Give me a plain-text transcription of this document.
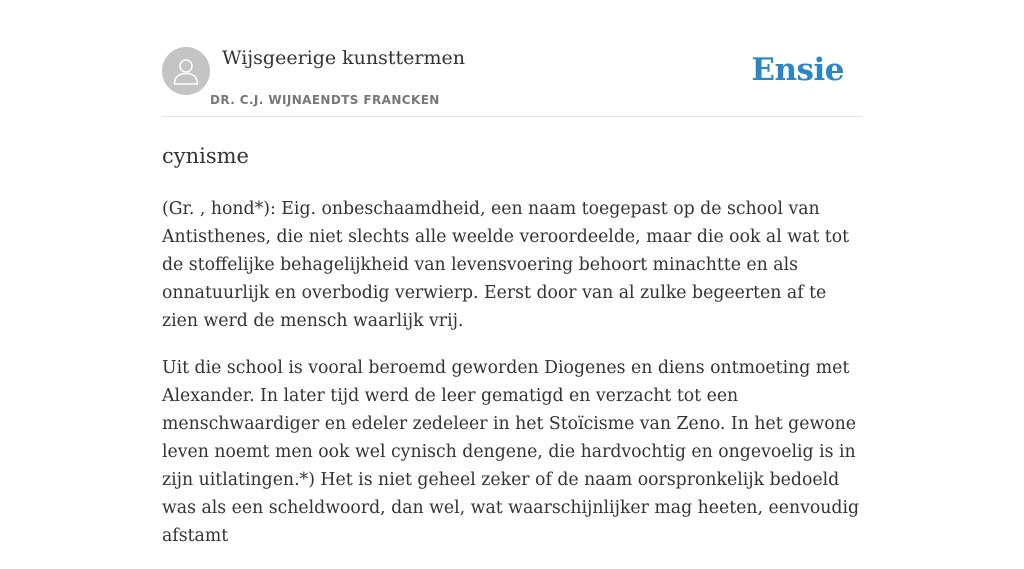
Wijsgeerige kunsttermen
DR. C.J. WIJNAENDTS FRANCKEN
Ensie
cynisme

(Gr. , hond*): Eig. onbeschaamdheid, een naam toegepast op de school van Antisthenes, die niet slechts alle weelde veroordeelde, maar die ook al wat tot de stoffelijke behagelijkheid van levensvoering behoort minachtte en als onnatuurlijk en overbodig verwierp. Eerst door van al zulke begeerten af te zien werd de mensch waarlijk vrij.

Uit die school is vooral beroemd geworden Diogenes en diens ontmoeting met Alexander. In later tijd werd de leer gematigd en verzacht tot een menschwaardiger en edeler zedeleer in het Stoïcisme van Zeno. In het gewone leven noemt men ook wel cynisch dengene, die hardvochtig en ongevoelig is in zijn uitlatingen.*) Het is niet geheel zeker of de naam oorspronkelijk bedoeld was als een scheldwoord, dan wel, wat waarschijnlijker mag heeten, eenvoudig afstamt
